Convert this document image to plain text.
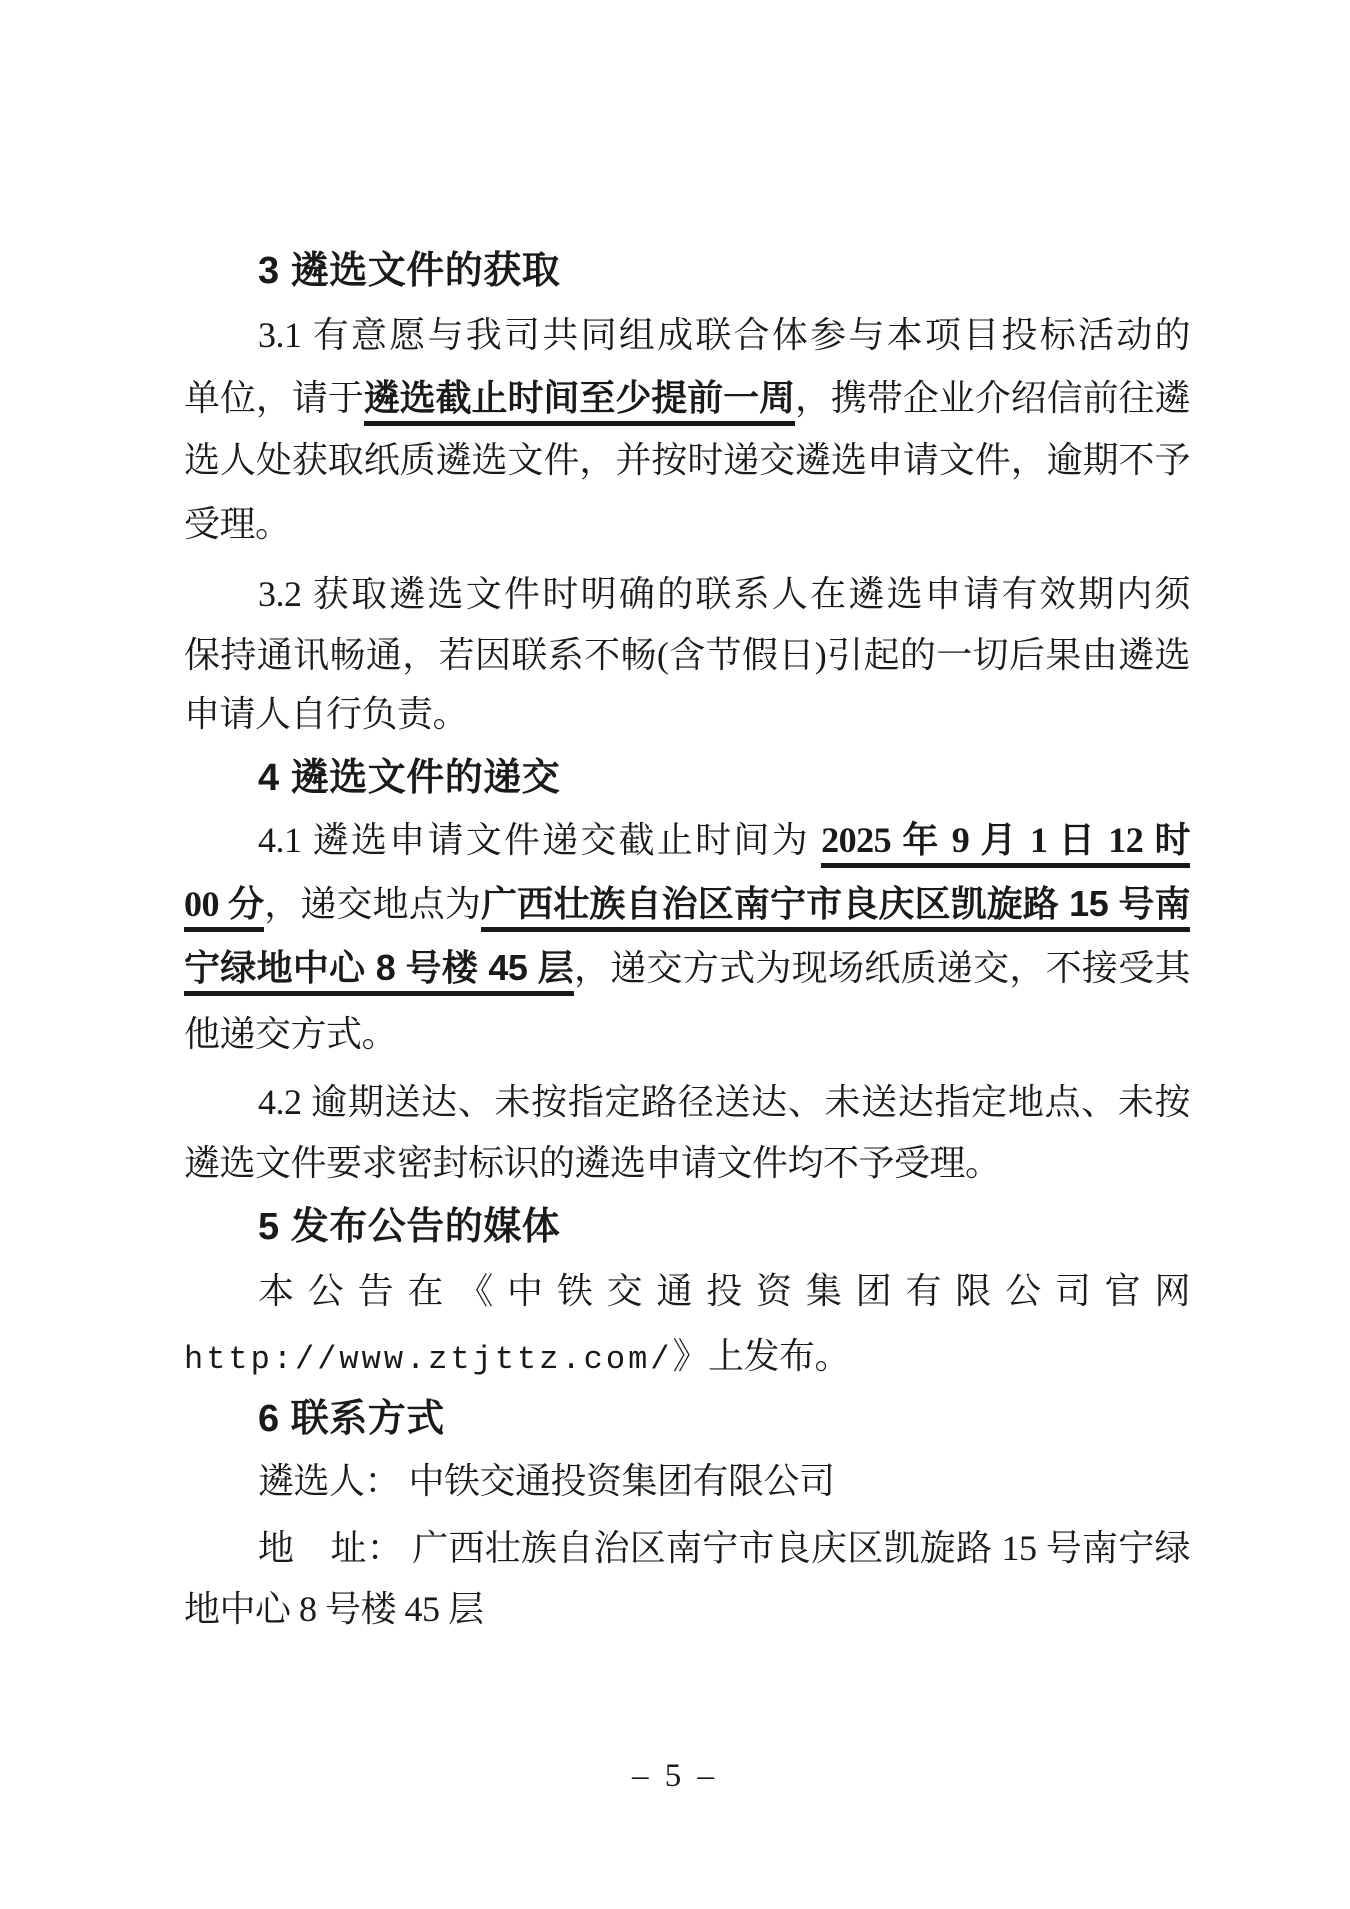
3 遴选文件的获取
3.1 有意愿与我司共同组成联合体参与本项目投标活动的
单位，请于遴选截止时间至少提前一周，携带企业介绍信前往遴
选人处获取纸质遴选文件，并按时递交遴选申请文件，逾期不予
受理。
3.2 获取遴选文件时明确的联系人在遴选申请有效期内须
保持通讯畅通，若因联系不畅(含节假日)引起的一切后果由遴选
申请人自行负责。
4 遴选文件的递交
4.1 遴选申请文件递交截止时间为 2025 年 9 月 1 日 12 时
00 分，递交地点为广西壮族自治区南宁市良庆区凯旋路 15 号南
宁绿地中心 8 号楼 45 层，递交方式为现场纸质递交，不接受其
他递交方式。
4.2 逾期送达、未按指定路径送达、未送达指定地点、未按
遴选文件要求密封标识的遴选申请文件均不予受理。
5 发布公告的媒体
本公告在《中铁交通投资集团有限公司官网
http://www.ztjttz.com/》上发布。
6 联系方式
遴选人： 中铁交通投资集团有限公司
地　址： 广西壮族自治区南宁市良庆区凯旋路 15 号南宁绿
地中心 8 号楼 45 层
– 5 –
